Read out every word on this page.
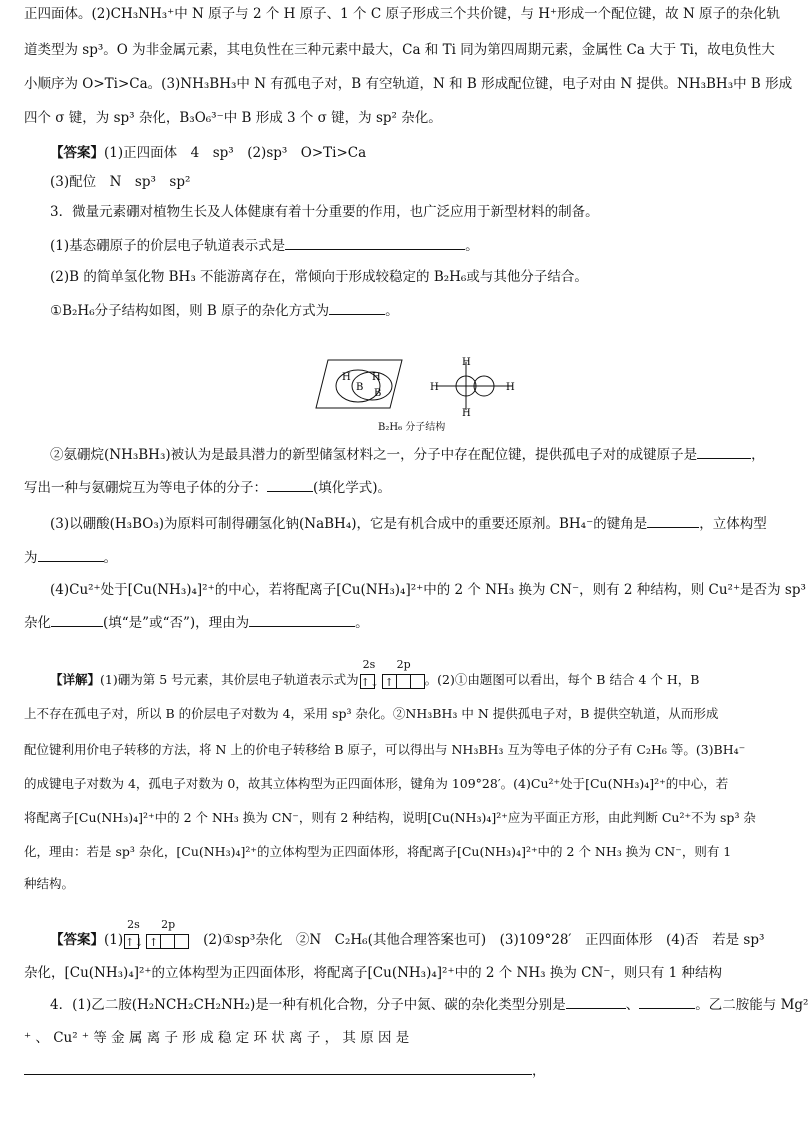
正四面体。(2)CH₃NH₃⁺中 N 原子与 2 个 H 原子、1 个 C 原子形成三个共价键，与 H⁺形成一个配位键，故 N 原子的杂化轨
道类型为 sp³。O 为非金属元素，其电负性在三种元素中最大，Ca 和 Ti 同为第四周期元素，金属性 Ca 大于 Ti，故电负性大
小顺序为 O>Ti>Ca。(3)NH₃BH₃中 N 有孤电子对，B 有空轨道，N 和 B 形成配位键，电子对由 N 提供。NH₃BH₃中 B 形成
四个 σ 键，为 sp³ 杂化，B₃O₆³⁻中 B 形成 3 个 σ 键，为 sp² 杂化。
【答案】(1)正四面体　4　sp³　(2)sp³　O>Ti>Ca
(3)配位　N　sp³　sp²
3．微量元素硼对植物生长及人体健康有着十分重要的作用，也广泛应用于新型材料的制备。
(1)基态硼原子的价层电子轨道表示式是	。
(2)B 的简单氢化物 BH₃ 不能游离存在，常倾向于形成较稳定的 B₂H₆或与其他分子结合。
①B₂H₆分子结构如图，则 B 原子的杂化方式为	。
H
B
H
B
H
H
H	H
B₂H₆ 分子结构
②氨硼烷(NH₃BH₃)被认为是最具潜力的新型储氢材料之一，分子中存在配位键，提供孤电子对的成键原子是	，
写出一种与氨硼烷互为等电子体的分子：	(填化学式)。
(3)以硼酸(H₃BO₃)为原料可制得硼氢化钠(NaBH₄)，它是有机合成中的重要还原剂。BH₄⁻的键角是	，立体构型
为	。
(4)Cu²⁺处于[Cu(NH₃)₄]²⁺的中心，若将配离子[Cu(NH₃)₄]²⁺中的 2 个 NH₃ 换为 CN⁻，则有 2 种结构，则 Cu²⁺是否为 sp³
杂化	(填“是”或“否”)，理由为	。
【详解】(1)硼为第 5 号元素，其价层电子轨道表示式为
2s
↑↓
2p
↑ 。(2)①由题图可以看出，每个 B 结合 4 个 H，B
上不存在孤电子对，所以 B 的价层电子对数为 4，采用 sp³ 杂化。②NH₃BH₃ 中 N 提供孤电子对，B 提供空轨道，从而形成
配位键利用价电子转移的方法，将 N 上的价电子转移给 B 原子，可以得出与 NH₃BH₃ 互为等电子体的分子有 C₂H₆ 等。(3)BH₄⁻
的成键电子对数为 4，孤电子对数为 0，故其立体构型为正四面体形，键角为 109°28′。(4)Cu²⁺处于[Cu(NH₃)₄]²⁺的中心，若
将配离子[Cu(NH₃)₄]²⁺中的 2 个 NH₃ 换为 CN⁻，则有 2 种结构，说明[Cu(NH₃)₄]²⁺应为平面正方形，由此判断 Cu²⁺不为 sp³ 杂
化，理由：若是 sp³ 杂化，[Cu(NH₃)₄]²⁺的立体构型为正四面体形，将配离子[Cu(NH₃)₄]²⁺中的 2 个 NH₃ 换为 CN⁻，则有 1
种结构。
【答案】(1)
2s
↑↓
2p
↑	(2)①sp³杂化　②N　C₂H₆(其他合理答案也可)　(3)109°28′　正四面体形　(4)否　若是 sp³
杂化，[Cu(NH₃)₄]²⁺的立体构型为正四面体形，将配离子[Cu(NH₃)₄]²⁺中的 2 个 NH₃ 换为 CN⁻，则只有 1 种结构
4．(1)乙二胺(H₂NCH₂CH₂NH₂)是一种有机化合物，分子中氮、碳的杂化类型分别是	、	。乙二胺能与 Mg²
⁺ 、 Cu² ⁺ 等 金 属 离 子 形 成 稳 定 环 状 离 子 ， 其 原 因 是
，
